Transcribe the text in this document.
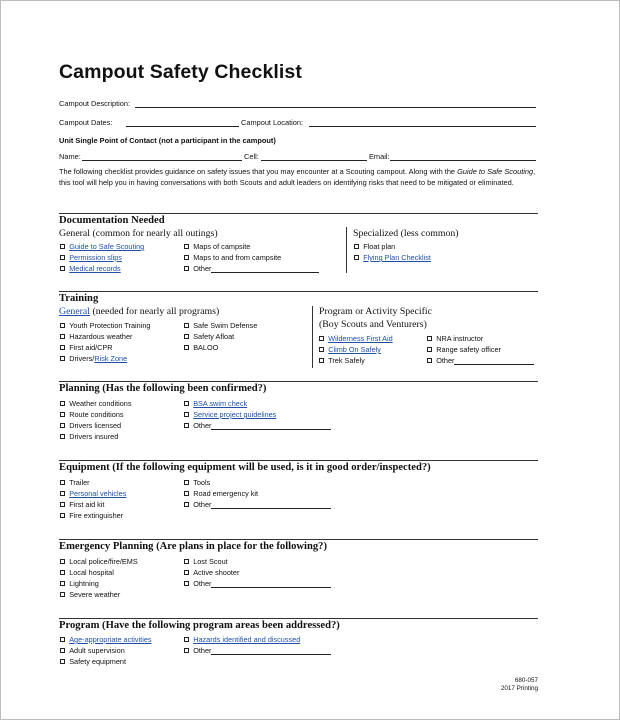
Campout Safety Checklist
Campout Description:
Campout Dates:	Campout Location:
Unit Single Point of Contact (not a participant in the campout)
Name:	Cell:	Email:
The following checklist provides guidance on safety issues that you may encounter at a Scouting campout. Along with the Guide to Safe Scouting, this tool will help you in having conversations with both Scouts and adult leaders on identifying risks that need to be mitigated or eliminated.
Documentation Needed
General (common for nearly all outings)	Specialized (less common)
Guide to Safe Scouting
Permission slips
Medical records
Maps of campsite
Maps to and from campsite
Other
Float plan
Flying Plan Checklist
Training
General (needed for nearly all programs)	Program or Activity Specific
(Boy Scouts and Venturers)
Youth Protection Training
Hazardous weather
First aid/CPR
Drivers/ Risk Zone
Safe Swim Defense
Safety Afloat
BALOO
Wilderness First Aid
Climb On Safely
Trek Safely
NRA instructor
Range safety officer
Other
Planning (Has the following been confirmed?)
Weather conditions
Route conditions
Drivers licensed
Drivers insured
BSA swim check
Service project guidelines
Other
Equipment (If the following equipment will be used, is it in good order/inspected?)
Trailer
Personal vehicles
First aid kit
Fire extinguisher
Tools
Road emergency kit
Other
Emergency Planning (Are plans in place for the following?)
Local police/fire/EMS
Local hospital
Lightning
Severe weather
Lost Scout
Active shooter
Other
Program (Have the following program areas been addressed?)
Age-appropriate activities
Adult supervision
Safety equipment
Hazards identified and discussed
Other
680-057
2017 Printing
